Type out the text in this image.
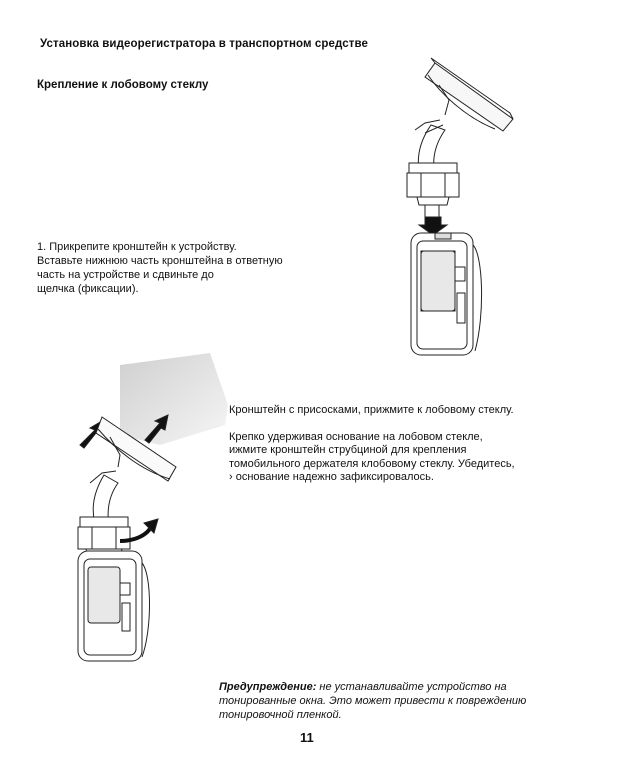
Установка видеорегистратора в транспортном средстве
Крепление к лобовому стеклу

1. Прикрепите кронштейн к устройству.

Вставьте нижнюю часть кронштейна в ответную

часть на устройстве и сдвиньте до

щелчка (фиксации).

Кронштейн с присосками, прижмите к лобовому стеклу.

Крепко удерживая основание на лобовом стекле,

ижмите кронштейн струбциной для крепления

томобильного держателя клобовому стеклу. Убедитесь,

› основание надежно зафиксировалось.

Предупреждение: не устанавливайте устройство на тонированные окна. Это может привести к повреждению тонировочной пленкой.
11
